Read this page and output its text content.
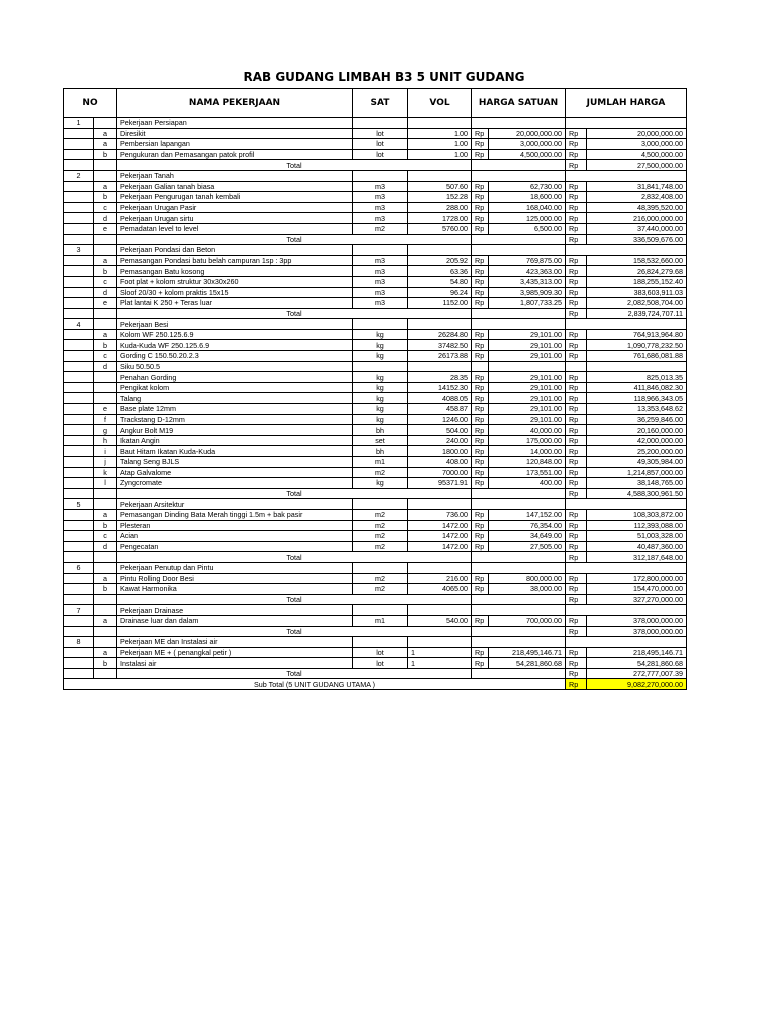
RAB GUDANG LIMBAH B3 5 UNIT GUDANG
NO		NAMA PEKERJAAN	SAT	VOL	HARGA SATUAN		JUMLAH HARGA	
1		Pekerjaan Persiapan						
	a	Diresikit	lot	1.00	Rp	20,000,000.00	Rp	20,000,000.00
	a	Pembersian lapangan	lot	1.00	Rp	3,000,000.00	Rp	3,000,000.00
	b	Pengukuran dan Pemasangan patok profil	lot	1.00	Rp	4,500,000.00	Rp	4,500,000.00
		Total					Rp	27,500,000.00
2		Pekerjaan Tanah						
	a	Pekerjaan Galian tanah biasa	m3	507.60	Rp	62,730.00	Rp	31,841,748.00
	b	Pekerjaan Pengurugan tanah kembali	m3	152.28	Rp	18,600.00	Rp	2,832,408.00
	c	Pekerjaan Urugan Pasir	m3	288.00	Rp	168,040.00	Rp	48,395,520.00
	d	Pekerjaan Urugan sirtu	m3	1728.00	Rp	125,000.00	Rp	216,000,000.00
	e	Pemadatan level to level	m2	5760.00	Rp	6,500.00	Rp	37,440,000.00
		Total					Rp	336,509,676.00
3		Pekerjaan Pondasi dan Beton						
	a	Pemasangan Pondasi batu belah campuran 1sp : 3pp	m3	205.92	Rp	769,875.00	Rp	158,532,660.00
	b	Pemasangan Batu kosong	m3	63.36	Rp	423,363.00	Rp	26,824,279.68
	c	Foot plat + kolom struktur 30x30x260	m3	54.80	Rp	3,435,313.00	Rp	188,255,152.40
	d	Sloof 20/30 + kolom praktis 15x15	m3	96.24	Rp	3,985,909.30	Rp	383,603,911.03
	e	Plat lantai K 250 + Teras luar	m3	1152.00	Rp	1,807,733.25	Rp	2,082,508,704.00
		Total					Rp	2,839,724,707.11
4		Pekerjaan Besi						
	a	Kolom WF 250.125.6.9	kg	26284.80	Rp	29,101.00	Rp	764,913,964.80
	b	Kuda-Kuda WF 250.125.6.9	kg	37482.50	Rp	29,101.00	Rp	1,090,778,232.50
	c	Gording C 150.50.20.2.3	kg	26173.88	Rp	29,101.00	Rp	761,686,081.88
	d	Siku 50.50.5						
		Penahan Gording	kg	28.35	Rp	29,101.00	Rp	825,013.35
		Pengikat kolom	kg	14152.30	Rp	29,101.00	Rp	411,846,082.30
		Talang	kg	4088.05	Rp	29,101.00	Rp	118,966,343.05
	e	Base plate 12mm	kg	458.87	Rp	29,101.00	Rp	13,353,648.62
	f	Trackstang D-12mm	kg	1246.00	Rp	29,101.00	Rp	36,259,846.00
	g	Angkur Bolt M19	bh	504.00	Rp	40,000.00	Rp	20,160,000.00
	h	Ikatan Angin	set	240.00	Rp	175,000.00	Rp	42,000,000.00
	i	Baut Hitam Ikatan Kuda-Kuda	bh	1800.00	Rp	14,000.00	Rp	25,200,000.00
	j	Talang Seng BJLS	m1	408.00	Rp	120,848.00	Rp	49,305,984.00
	k	Atap Galvalome	m2	7000.00	Rp	173,551.00	Rp	1,214,857,000.00
	l	Zyngcromate	kg	95371.91	Rp	400.00	Rp	38,148,765.00
		Total					Rp	4,588,300,961.50
5		Pekerjaan Arsitektur						
	a	Pemasangan Dinding Bata Merah tinggi 1.5m + bak pasir	m2	736.00	Rp	147,152.00	Rp	108,303,872.00
	b	Plesteran	m2	1472.00	Rp	76,354.00	Rp	112,393,088.00
	c	Acian	m2	1472.00	Rp	34,649.00	Rp	51,003,328.00
	d	Pengecatan	m2	1472.00	Rp	27,505.00	Rp	40,487,360.00
		Total					Rp	312,187,648.00
6		Pekerjaan Penutup dan Pintu						
	a	Pintu Rolling Door Besi	m2	216.00	Rp	800,000.00	Rp	172,800,000.00
	b	Kawat Harmonika	m2	4065.00	Rp	38,000.00	Rp	154,470,000.00
		Total					Rp	327,270,000.00
7		Pekerjaan Drainase						
	a	Drainase luar dan dalam	m1	540.00	Rp	700,000.00	Rp	378,000,000.00
		Total					Rp	378,000,000.00
8		Pekerjaan ME dan Instalasi air						
	a	Pekerjaan ME + ( penangkal petir )	lot	1	Rp	218,495,146.71	Rp	218,495,146.71
	b	Instalasi air	lot	1	Rp	54,281,860.68	Rp	54,281,860.68
		Total					Rp	272,777,007.39
Sub Total (5 UNIT GUDANG UTAMA )							Rp	9,082,270,000.00
